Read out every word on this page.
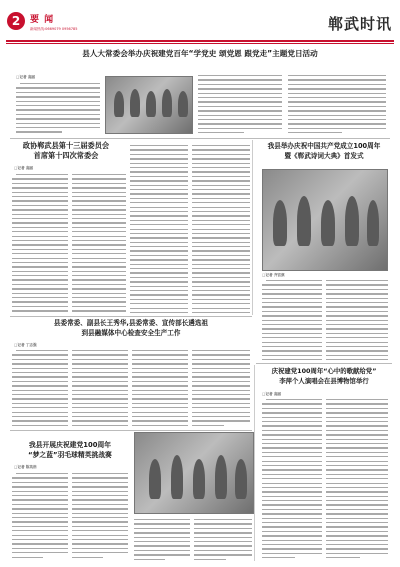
2	要 闻
新闻热线:0669079 0956785	郸武时讯
县人大常委会举办庆祝建党百年“学党史 颂党恩 跟党走”主题党日活动
□记者 高丽
政协郸武县第十三届委员会
首席第十四次常委会
□记者 高丽
我县举办庆祝中国共产党成立100周年
暨《郸武诗词大典》首发式
□记者 齐宫旗
县委常委、副县长王秀华,县委常委、宣传部长遴选祖
到县融媒体中心检查安全生产工作
□记者 丁志强
庆祝建党100周年“心中的歌献给党”
李萍个人演唱会在县博物馆举行
□记者 高丽
我县开展庆祝建党100周年
“梦之蓝”羽毛球精英挑战赛
□记者 陈英浩
